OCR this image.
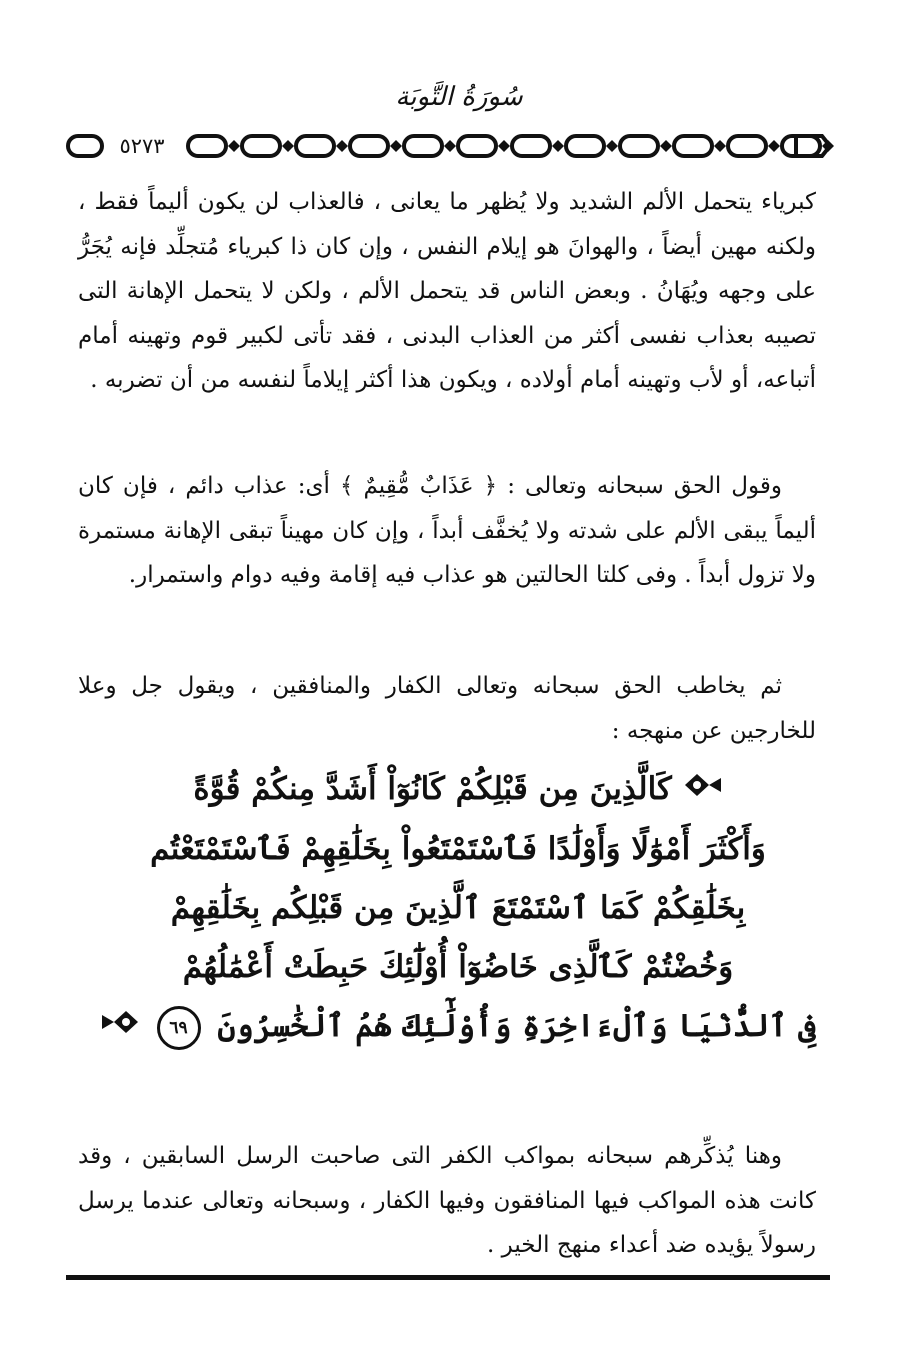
سُورَةُ التَّوبَة
٥٢٧٣

كبرياء يتحمل الألم الشديد ولا يُظهر ما يعانى ، فالعذاب لن يكون أليماً فقط ، ولكنه مهين أيضاً ، والهوانَ هو إيلام النفس ، وإن كان ذا كبرياء مُتجلِّد فإنه يُجَرُّ على وجهه ويُهَانُ . وبعض الناس قد يتحمل الألم ، ولكن لا يتحمل الإهانة التى تصيبه بعذاب نفسى أكثر من العذاب البدنى ، فقد تأتى لكبير قوم وتهينه أمام أتباعه، أو لأب وتهينه أمام أولاده ، ويكون هذا أكثر إيلاماً لنفسه من أن تضربه .

وقول الحق سبحانه وتعالى : ﴿ عَذَابٌ مُّقِيمٌ ﴾ أى: عذاب دائم ، فإن كان أليماً يبقى الألم على شدته ولا يُخفَّف أبداً ، وإن كان مهيناً تبقى الإهانة مستمرة ولا تزول أبداً . وفى كلتا الحالتين هو عذاب فيه إقامة وفيه دوام واستمرار.

ثم يخاطب الحق سبحانه وتعالى الكفار والمنافقين ، ويقول جل وعلا للخارجين عن منهجه :

كَالَّذِينَ مِن قَبْلِكُمْ كَانُوٓاْ أَشَدَّ مِنكُمْ قُوَّةً
وَأَكْثَرَ أَمْوَٰلًا وَأَوْلَٰدًا فَٱسْتَمْتَعُواْ بِخَلَٰقِهِمْ فَٱسْتَمْتَعْتُم
بِخَلَٰقِكُمْ كَمَا ٱسْتَمْتَعَ ٱلَّذِينَ مِن قَبْلِكُم بِخَلَٰقِهِمْ
وَخُضْتُمْ كَٱلَّذِى خَاضُوٓاْ أُوْلَٰٓئِكَ حَبِطَتْ أَعْمَٰلُهُمْ
فِى ٱلدُّنْيَا وَٱلْءَاخِرَةِ وَأُوْلَٰٓئِكَ هُمُ ٱلْخَٰسِرُونَ ٦٩

وهنا يُذكِّرهم سبحانه بمواكب الكفر التى صاحبت الرسل السابقين ، وقد كانت هذه المواكب فيها المنافقون وفيها الكفار ، وسبحانه وتعالى عندما يرسل رسولاً يؤيده ضد أعداء منهج الخير .
